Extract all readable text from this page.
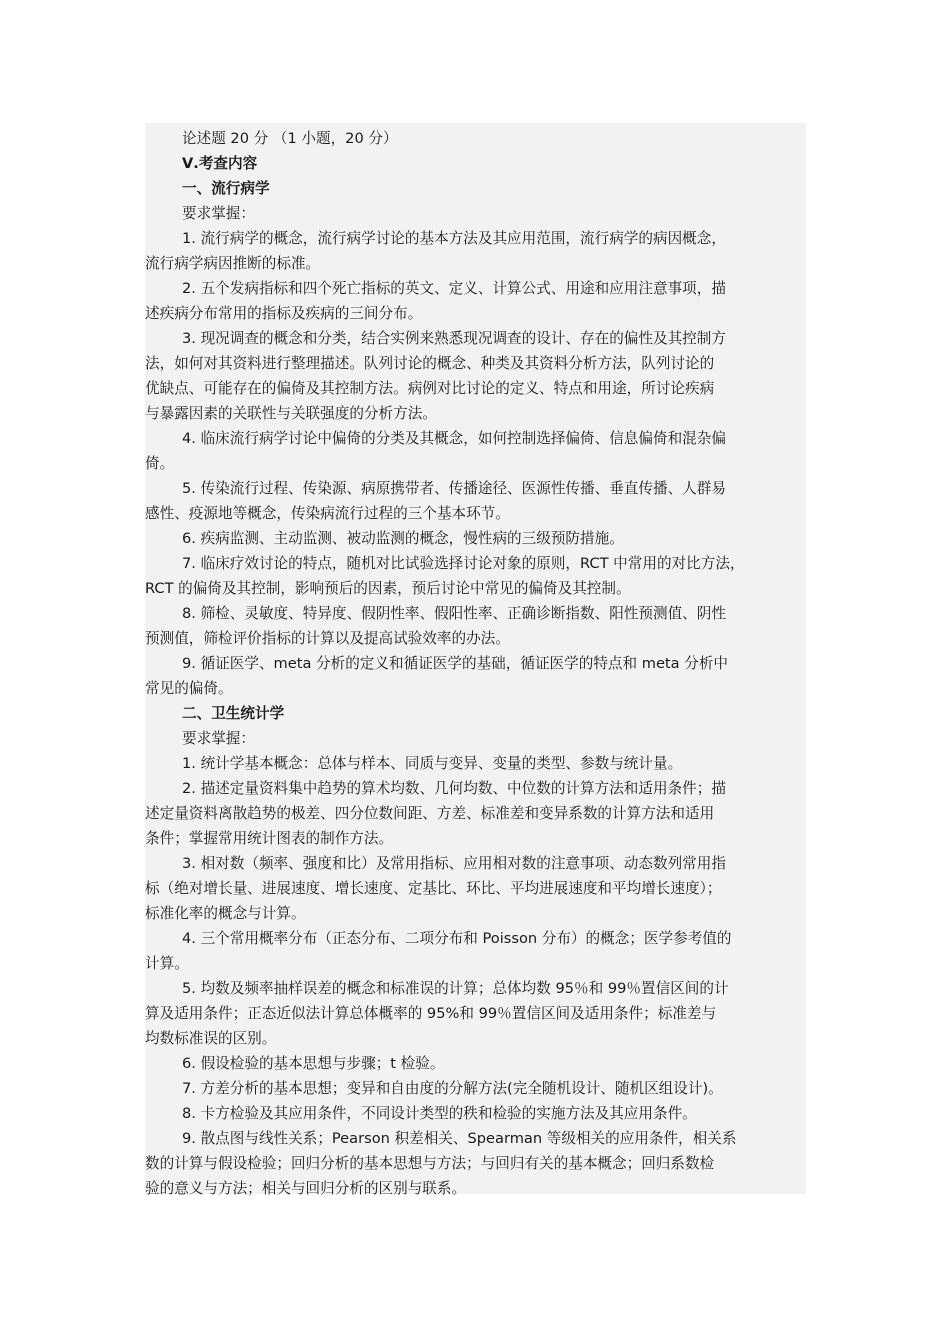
论述题 20 分 （1 小题，20 分）
Ⅴ.考查内容
一、流行病学
要求掌握：
1. 流行病学的概念，流行病学讨论的基本方法及其应用范围，流行病学的病因概念，
流行病学病因推断的标准。
2. 五个发病指标和四个死亡指标的英文、定义、计算公式、用途和应用注意事项，描
述疾病分布常用的指标及疾病的三间分布。
3. 现况调查的概念和分类，结合实例来熟悉现况调查的设计、存在的偏性及其控制方
法，如何对其资料进行整理描述。队列讨论的概念、种类及其资料分析方法，队列讨论的
优缺点、可能存在的偏倚及其控制方法。病例对比讨论的定义、特点和用途，所讨论疾病
与暴露因素的关联性与关联强度的分析方法。
4. 临床流行病学讨论中偏倚的分类及其概念，如何控制选择偏倚、信息偏倚和混杂偏
倚。
5. 传染流行过程、传染源、病原携带者、传播途径、医源性传播、垂直传播、人群易
感性、疫源地等概念，传染病流行过程的三个基本环节。
6. 疾病监测、主动监测、被动监测的概念，慢性病的三级预防措施。
7. 临床疗效讨论的特点，随机对比试验选择讨论对象的原则，RCT 中常用的对比方法，
RCT 的偏倚及其控制，影响预后的因素，预后讨论中常见的偏倚及其控制。
8. 筛检、灵敏度、特异度、假阴性率、假阳性率、正确诊断指数、阳性预测值、阴性
预测值，筛检评价指标的计算以及提高试验效率的办法。
9. 循证医学、meta 分析的定义和循证医学的基础，循证医学的特点和 meta 分析中
常见的偏倚。
二、卫生统计学
要求掌握：
1. 统计学基本概念：总体与样本、同质与变异、变量的类型、参数与统计量。
2. 描述定量资料集中趋势的算术均数、几何均数、中位数的计算方法和适用条件；描
述定量资料离散趋势的极差、四分位数间距、方差、标准差和变异系数的计算方法和适用
条件；掌握常用统计图表的制作方法。
3. 相对数（频率、强度和比）及常用指标、应用相对数的注意事项、动态数列常用指
标（绝对增长量、进展速度、增长速度、定基比、环比、平均进展速度和平均增长速度）；
标准化率的概念与计算。
4. 三个常用概率分布（正态分布、二项分布和 Poisson 分布）的概念；医学参考值的
计算。
5. 均数及频率抽样误差的概念和标准误的计算；总体均数 95％和 99％置信区间的计
算及适用条件；正态近似法计算总体概率的 95%和 99％置信区间及适用条件；标准差与
均数标准误的区别。
6. 假设检验的基本思想与步骤；t 检验。
7. 方差分析的基本思想；变异和自由度的分解方法(完全随机设计、随机区组设计)。
8. 卡方检验及其应用条件，不同设计类型的秩和检验的实施方法及其应用条件。
9. 散点图与线性关系；Pearson 积差相关、Spearman 等级相关的应用条件，相关系
数的计算与假设检验；回归分析的基本思想与方法；与回归有关的基本概念；回归系数检
验的意义与方法；相关与回归分析的区别与联系。
